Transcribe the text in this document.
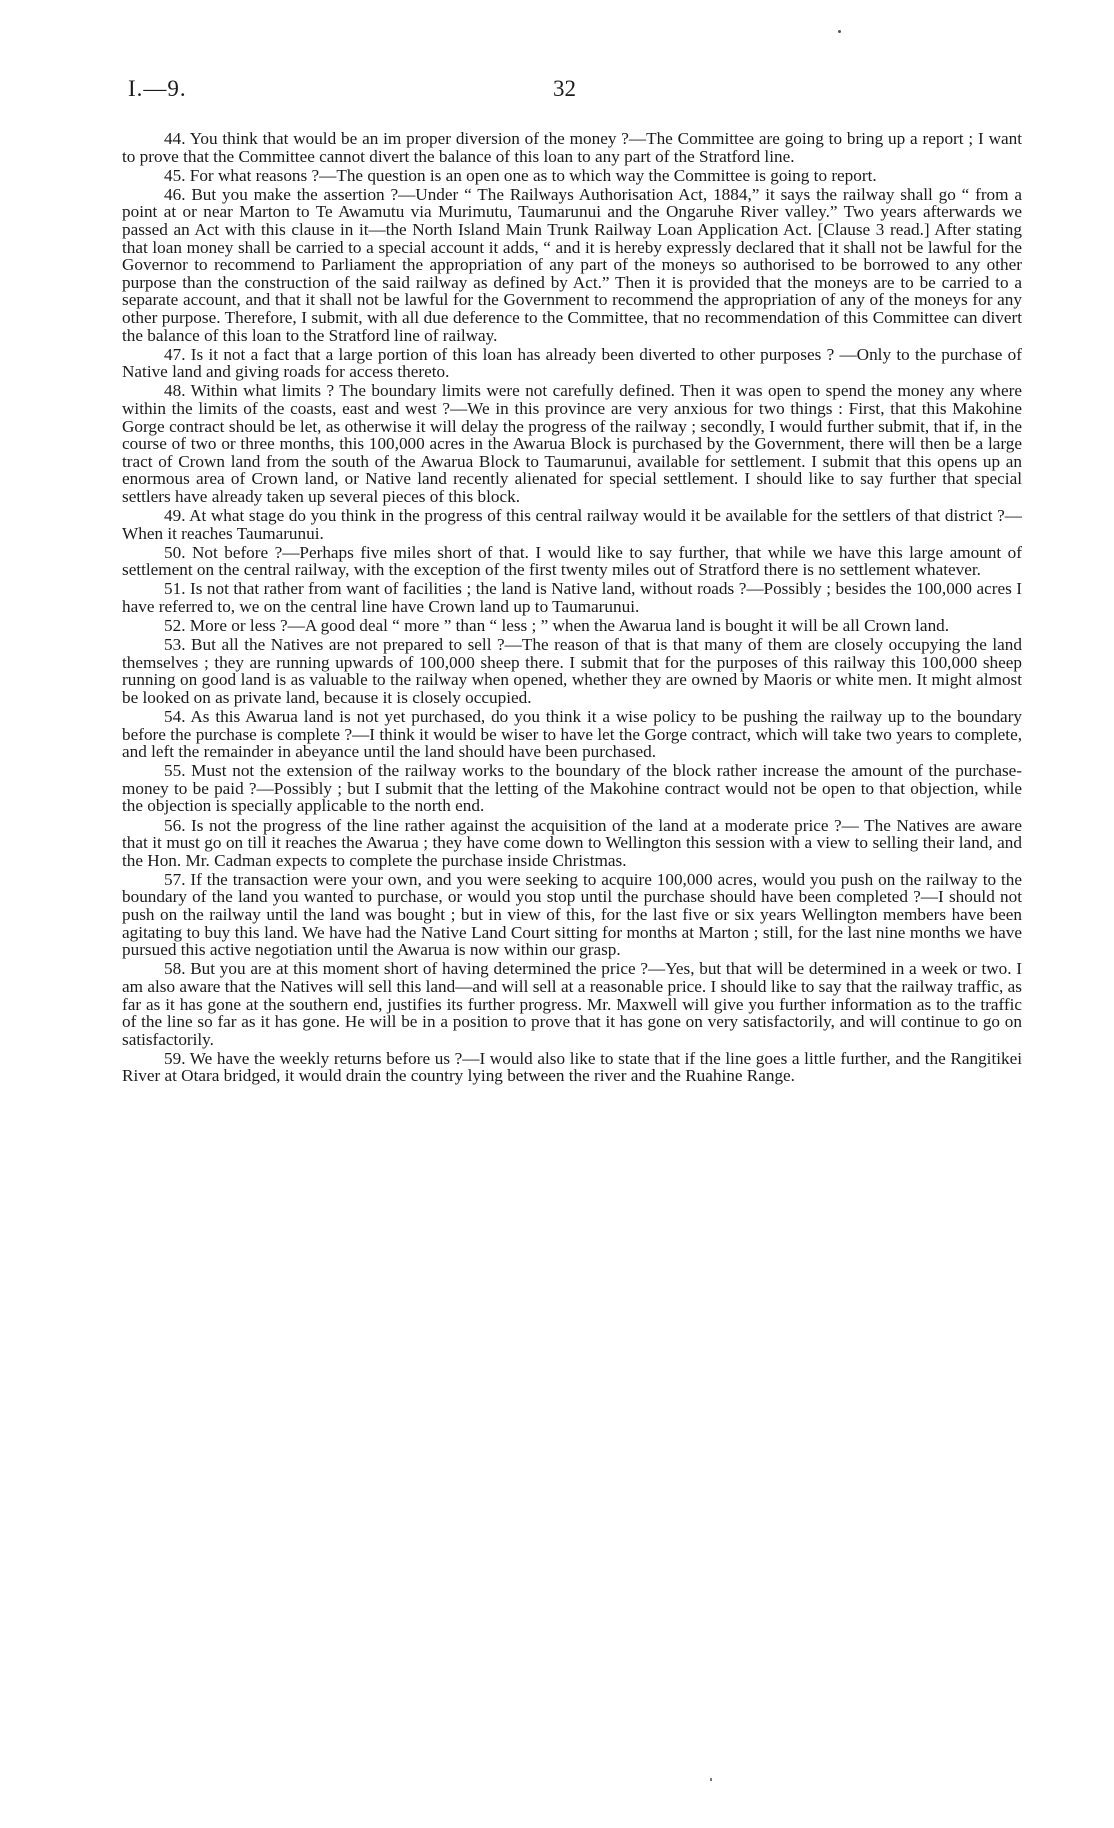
I.—9.	32

44. You think that would be an im proper diversion of the money ?—The Committee are going to bring up a report ; I want to prove that the Committee cannot divert the balance of this loan to any part of the Stratford line.

45. For what reasons ?—The question is an open one as to which way the Committee is going to report.

46. But you make the assertion ?—Under “ The Railways Authorisation Act, 1884,” it says the railway shall go “ from a point at or near Marton to Te Awamutu via Murimutu, Taumarunui and the Ongaruhe River valley.” Two years afterwards we passed an Act with this clause in it—the North Island Main Trunk Railway Loan Application Act. [Clause 3 read.] After stating that loan money shall be carried to a special account it adds, “ and it is hereby expressly declared that it shall not be lawful for the Governor to recommend to Parliament the appropriation of any part of the moneys so authorised to be borrowed to any other purpose than the construction of the said railway as defined by Act.” Then it is provided that the moneys are to be carried to a separate account, and that it shall not be lawful for the Government to recommend the appropriation of any of the moneys for any other purpose. Therefore, I submit, with all due deference to the Committee, that no recommendation of this Committee can divert the balance of this loan to the Stratford line of railway.

47. Is it not a fact that a large portion of this loan has already been diverted to other purposes ? —Only to the purchase of Native land and giving roads for access thereto.

48. Within what limits ? The boundary limits were not carefully defined. Then it was open to spend the money any where within the limits of the coasts, east and west ?—We in this province are very anxious for two things : First, that this Makohine Gorge contract should be let, as otherwise it will delay the progress of the railway ; secondly, I would further submit, that if, in the course of two or three months, this 100,000 acres in the Awarua Block is purchased by the Government, there will then be a large tract of Crown land from the south of the Awarua Block to Taumarunui, available for settlement. I submit that this opens up an enormous area of Crown land, or Native land recently alienated for special settlement. I should like to say further that special settlers have already taken up several pieces of this block.

49. At what stage do you think in the progress of this central railway would it be available for the settlers of that district ?—When it reaches Taumarunui.

50. Not before ?—Perhaps five miles short of that. I would like to say further, that while we have this large amount of settlement on the central railway, with the exception of the first twenty miles out of Stratford there is no settlement whatever.

51. Is not that rather from want of facilities ; the land is Native land, without roads ?—Possibly ; besides the 100,000 acres I have referred to, we on the central line have Crown land up to Taumarunui.

52. More or less ?—A good deal “ more ” than “ less ; ” when the Awarua land is bought it will be all Crown land.

53. But all the Natives are not prepared to sell ?—The reason of that is that many of them are closely occupying the land themselves ; they are running upwards of 100,000 sheep there. I submit that for the purposes of this railway this 100,000 sheep running on good land is as valuable to the railway when opened, whether they are owned by Maoris or white men. It might almost be looked on as private land, because it is closely occupied.

54. As this Awarua land is not yet purchased, do you think it a wise policy to be pushing the railway up to the boundary before the purchase is complete ?—I think it would be wiser to have let the Gorge contract, which will take two years to complete, and left the remainder in abeyance until the land should have been purchased.

55. Must not the extension of the railway works to the boundary of the block rather increase the amount of the purchase-money to be paid ?—Possibly ; but I submit that the letting of the Makohine contract would not be open to that objection, while the objection is specially applicable to the north end.

56. Is not the progress of the line rather against the acquisition of the land at a moderate price ?— The Natives are aware that it must go on till it reaches the Awarua ; they have come down to Wellington this session with a view to selling their land, and the Hon. Mr. Cadman expects to complete the purchase inside Christmas.

57. If the transaction were your own, and you were seeking to acquire 100,000 acres, would you push on the railway to the boundary of the land you wanted to purchase, or would you stop until the purchase should have been completed ?—I should not push on the railway until the land was bought ; but in view of this, for the last five or six years Wellington members have been agitating to buy this land. We have had the Native Land Court sitting for months at Marton ; still, for the last nine months we have pursued this active negotiation until the Awarua is now within our grasp.

58. But you are at this moment short of having determined the price ?—Yes, but that will be determined in a week or two. I am also aware that the Natives will sell this land—and will sell at a reasonable price. I should like to say that the railway traffic, as far as it has gone at the southern end, justifies its further progress. Mr. Maxwell will give you further information as to the traffic of the line so far as it has gone. He will be in a position to prove that it has gone on very satisfactorily, and will continue to go on satisfactorily.

59. We have the weekly returns before us ?—I would also like to state that if the line goes a little further, and the Rangitikei River at Otara bridged, it would drain the country lying between the river and the Ruahine Range.
